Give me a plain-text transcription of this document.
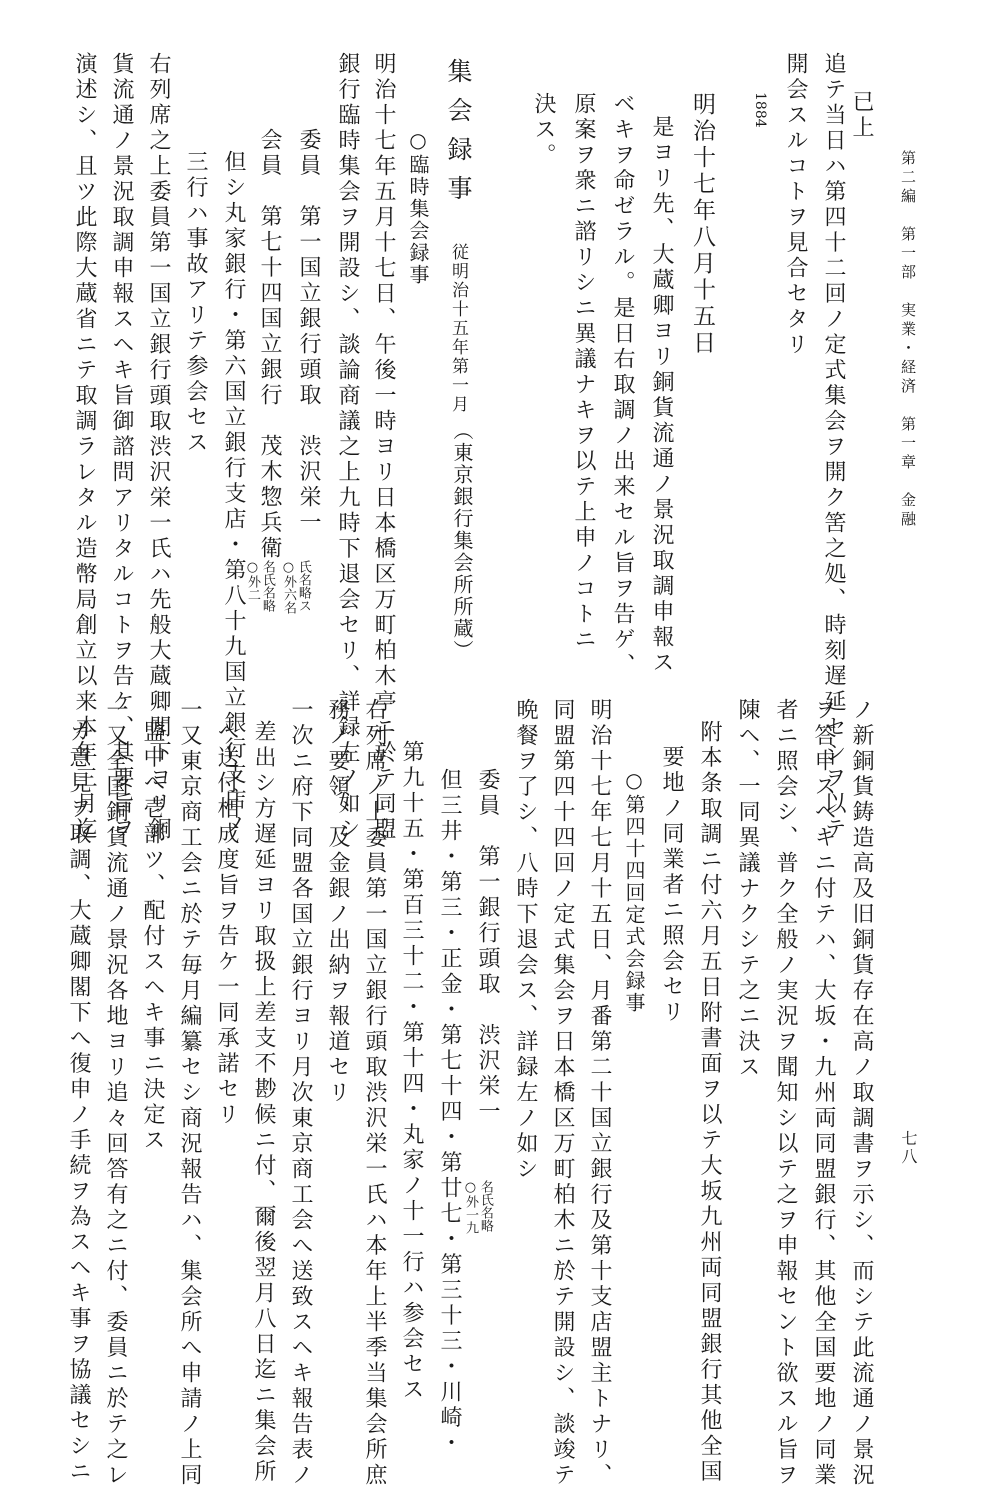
第二編　第一部　実業・経済　第一章　金融
七八
已上
追テ当日ハ第四十二回ノ定式集会ヲ開ク筈之処、時刻遅延セシヲ以テ
開会スルコトヲ見合セタリ
1884
明治十七年八月十五日
是ヨリ先、大蔵卿ヨリ銅貨流通ノ景況取調申報ス
ベキヲ命ゼラル。是日右取調ノ出来セル旨ヲ告ゲ、
原案ヲ衆ニ諮リシニ異議ナキヲ以テ上申ノコトニ
決ス。
集会録事
従明治十五年第一月
（東京銀行集会所所蔵）
○臨時集会録事
明治十七年五月十七日、午後一時ヨリ日本橋区万町柏木亭ニ於テ同盟
銀行臨時集会ヲ開設シ、談論商議之上九時下退会セリ、詳録左ノ如シ
委員　第一国立銀行頭取　渋沢栄一
○外六名氏名略ス
会員　第七十四国立銀行　茂木惣兵衛
○外二名氏名略
但シ丸家銀行・第六国立銀行支店・第八十九国立銀行支店ノ
三行ハ事故アリテ参会セス
右列席之上委員第一国立銀行頭取渋沢栄一氏ハ先般大蔵卿閣下ヨリ銅
貨流通ノ景況取調申報スヘキ旨御諮問アリタルコトヲ告ケ、其要旨ヲ
演述シ、且ツ此際大蔵省ニテ取調ラレタル造幣局創立以来本年三月迄
ノ新銅貨鋳造高及旧銅貨存在高ノ取調書ヲ示シ、而シテ此流通ノ景況
ヲ答申スヘキニ付テハ、大坂・九州両同盟銀行、其他全国要地ノ同業
者ニ照会シ、普ク全般ノ実況ヲ聞知シ以テ之ヲ申報セント欲スル旨ヲ
陳ヘ、一同異議ナクシテ之ニ決ス
附本条取調ニ付六月五日附書面ヲ以テ大坂九州両同盟銀行其他全国
要地ノ同業者ニ照会セリ
○第四十四回定式会録事
明治十七年七月十五日、月番第二十国立銀行及第十支店盟主トナリ、
同盟第四十四回ノ定式集会ヲ日本橋区万町柏木ニ於テ開設シ、談竣テ
晩餐ヲ了シ、八時下退会ス、詳録左ノ如シ
委員　第一銀行頭取　渋沢栄一
○外一九名氏名略
但三井・第三・正金・第七十四・第廿七・第三十三・川崎・
第九十五・第百三十二・第十四・丸家ノ十一行ハ参会セス
右列席ノ上委員第一国立銀行頭取渋沢栄一氏ハ本年上半季当集会所庶
務ノ要領、及金銀ノ出納ヲ報道セリ
一次ニ府下同盟各国立銀行ヨリ月次東京商工会へ送致スヘキ報告表ノ
差出シ方遅延ヨリ取扱上差支不尠候ニ付、爾後翌月八日迄ニ集会所
へ送付相成度旨ヲ告ケ一同承諾セリ
一又東京商工会ニ於テ毎月編纂セシ商況報告ハ、集会所へ申請ノ上同
盟中へ壱部ツ、配付スヘキ事ニ決定ス
一又全国銅貨流通ノ景況各地ヨリ追々回答有之ニ付、委員ニ於テ之レ
カ意見ヲ取調、大蔵卿閣下へ復申ノ手続ヲ為スヘキ事ヲ協議セシニ
